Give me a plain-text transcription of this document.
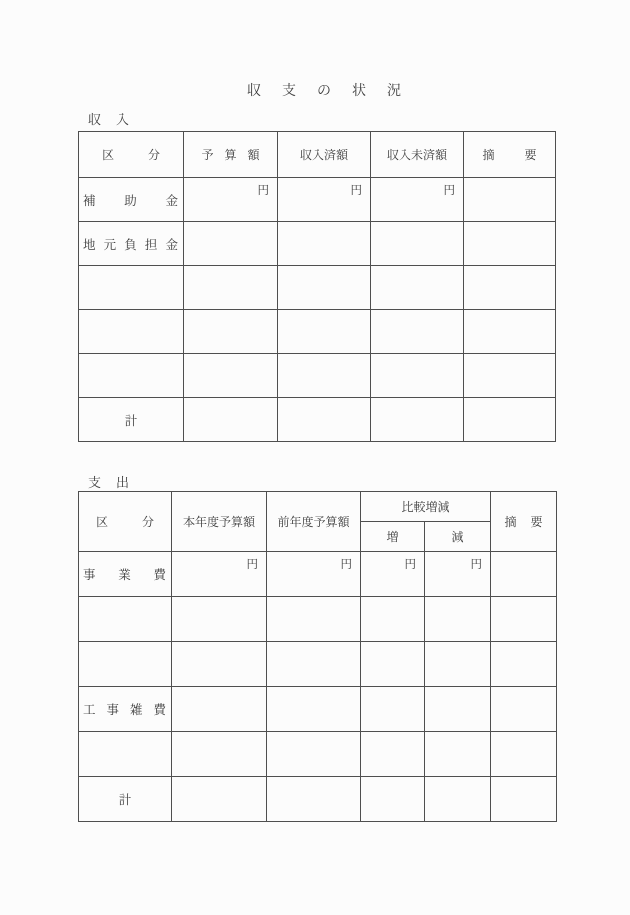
収支の状況
収入
区 分	予 算 額	収入済額	収入未済額	摘 要

補 助 金	円	円	円	

地 元 負 担 金				

計				
支出
区 分	本年度予算額	前年度予算額	比較増減		摘 要

			増	減	

事 業 費	円	円	円	円	

工 事 雑 費					

計					
